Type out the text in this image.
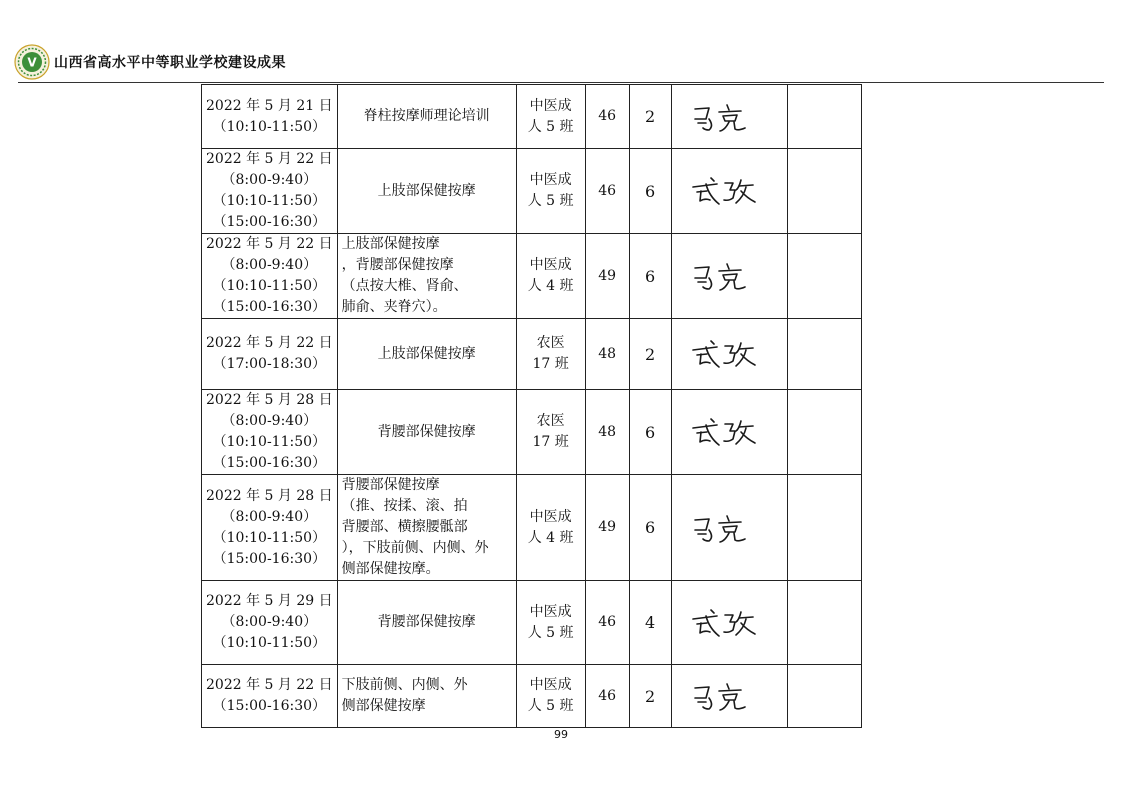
V 山西省高水平中等职业学校建设成果
2022 年 5 月 21 日
（10:10-11:50）	脊柱按摩师理论培训	中医成
人 5 班	46	2	

2022 年 5 月 22 日
（8:00-9:40）
（10:10-11:50）
（15:00-16:30）	上肢部保健按摩	中医成
人 5 班	46	6	

2022 年 5 月 22 日
（8:00-9:40）
（10:10-11:50）
（15:00-16:30）	上肢部保健按摩
，背腰部保健按摩
（点按大椎、肾俞、
肺俞、夹脊穴）。	中医成
人 4 班	49	6	

2022 年 5 月 22 日
（17:00-18:30）	上肢部保健按摩	农医
17 班	48	2	

2022 年 5 月 28 日
（8:00-9:40）
（10:10-11:50）
（15:00-16:30）	背腰部保健按摩	农医
17 班	48	6	

2022 年 5 月 28 日
（8:00-9:40）
（10:10-11:50）
（15:00-16:30）	背腰部保健按摩
（推、按揉、滚、拍
背腰部、横擦腰骶部
），下肢前侧、内侧、外
侧部保健按摩。	中医成
人 4 班	49	6	

2022 年 5 月 29 日
（8:00-9:40）
（10:10-11:50）	背腰部保健按摩	中医成
人 5 班	46	4	

2022 年 5 月 22 日
（15:00-16:30）	下肢前侧、内侧、外
侧部保健按摩	中医成
人 5 班	46	2	

99
